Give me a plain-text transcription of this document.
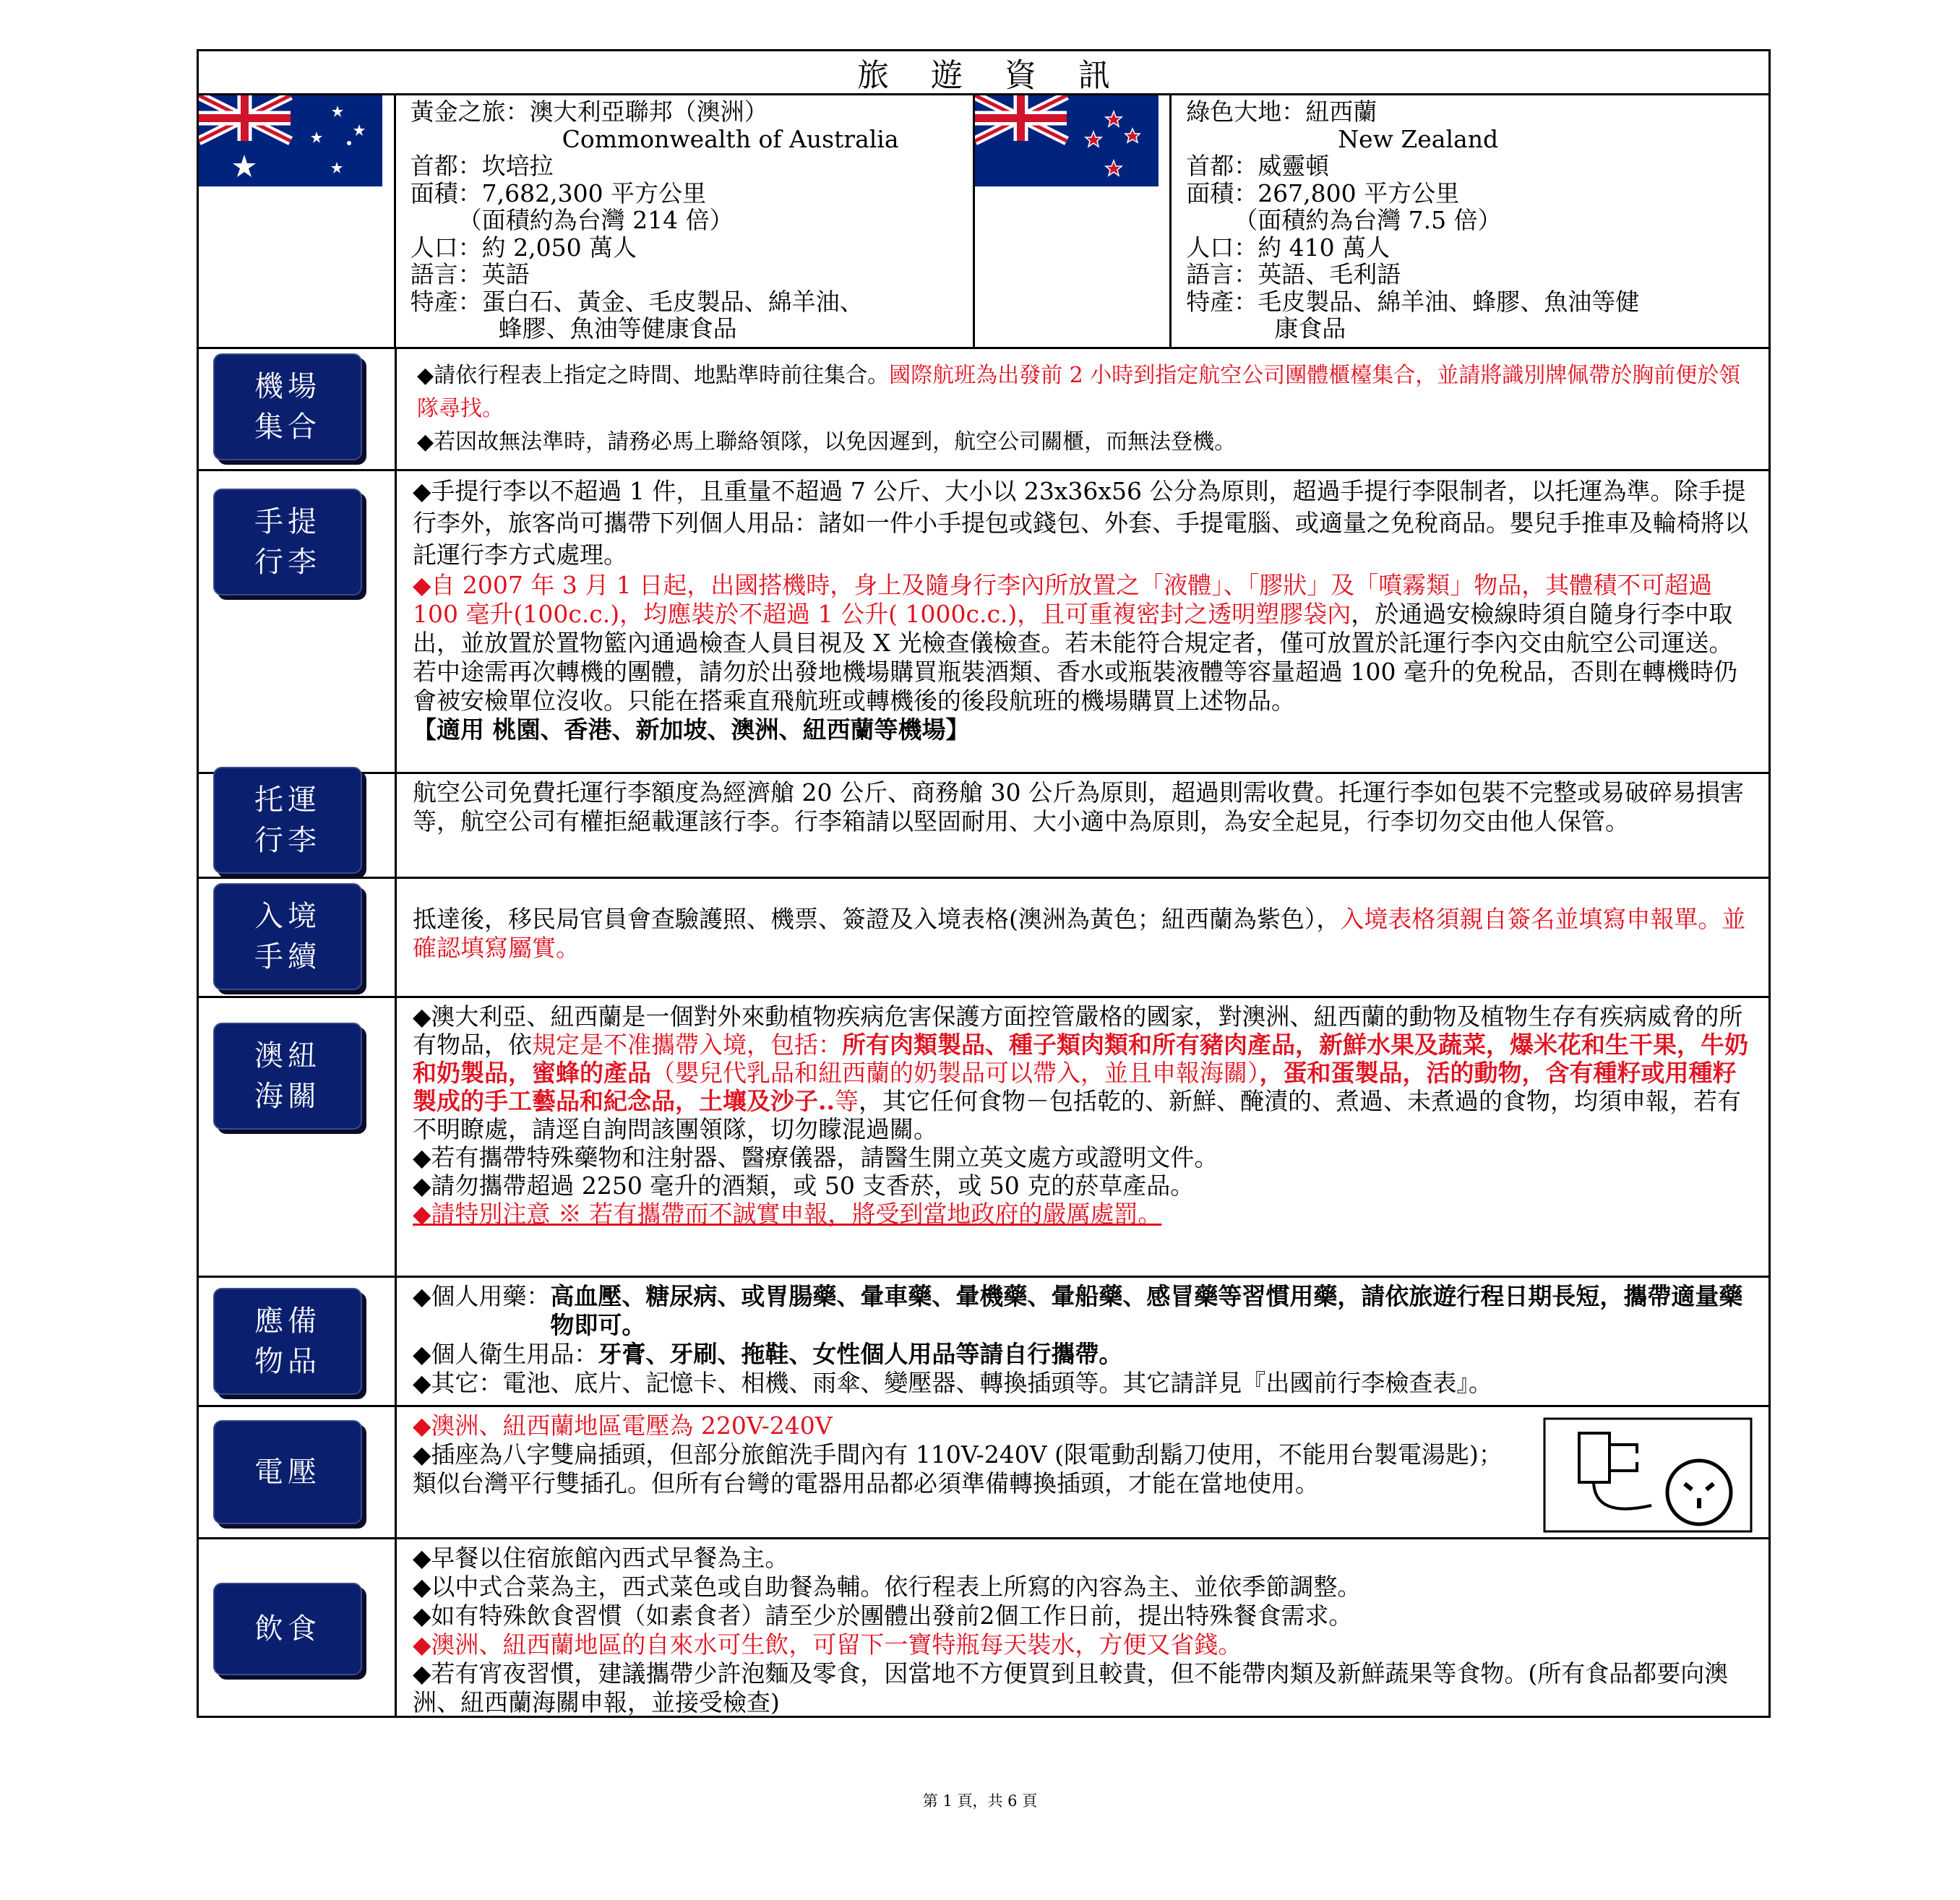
旅遊資訊
黃金之旅：澳大利亞聯邦（澳洲）
Commonwealth of Australia
首都：坎培拉
面積：7,682,300 平方公里
（面積約為台灣 214 倍）
人口：約 2,050 萬人
語言：英語
特產：蛋白石、黃金、毛皮製品、綿羊油、
蜂膠、魚油等健康食品
綠色大地：紐西蘭
New Zealand
首都：威靈頓
面積：267,800 平方公里
（面積約為台灣 7.5 倍）
人口：約 410 萬人
語言：英語、毛利語
特產：毛皮製品、綿羊油、蜂膠、魚油等健
康食品
機場集合
◆請依行程表上指定之時間、地點準時前往集合。國際航班為出發前 2 小時到指定航空公司團體櫃檯集合，並請將識別牌佩帶於胸前便於領隊尋找。
◆若因故無法準時，請務必馬上聯絡領隊，以免因遲到，航空公司關櫃，而無法登機。
手提行李
◆手提行李以不超過 1 件，且重量不超過 7 公斤、大小以 23x36x56 公分為原則，超過手提行李限制者，以托運為準。除手提行李外，旅客尚可攜帶下列個人用品：諸如一件小手提包或錢包、外套、手提電腦、或適量之免稅商品。嬰兒手推車及輪椅將以託運行李方式處理。
◆自 2007 年 3 月 1 日起，出國搭機時，身上及隨身行李內所放置之「液體」、「膠狀」及「噴霧類」物品，其體積不可超過 100 毫升(100c.c.)，均應裝於不超過 1 公升( 1000c.c.)，且可重複密封之透明塑膠袋內，於通過安檢線時須自隨身行李中取出，並放置於置物籃內通過檢查人員目視及 X 光檢查儀檢查。若未能符合規定者，僅可放置於託運行李內交由航空公司運送。若中途需再次轉機的團體，請勿於出發地機場購買瓶裝酒類、香水或瓶裝液體等容量超過 100 毫升的免稅品，否則在轉機時仍會被安檢單位沒收。只能在搭乘直飛航班或轉機後的後段航班的機場購買上述物品。
【適用 桃園、香港、新加坡、澳洲、紐西蘭等機場】
托運行李
航空公司免費托運行李額度為經濟艙 20 公斤、商務艙 30 公斤為原則，超過則需收費。托運行李如包裝不完整或易破碎易損害等，航空公司有權拒絕載運該行李。行李箱請以堅固耐用、大小適中為原則，為安全起見，行李切勿交由他人保管。
入境手續
抵達後，移民局官員會查驗護照、機票、簽證及入境表格(澳洲為黃色；紐西蘭為紫色），入境表格須親自簽名並填寫申報單。並確認填寫屬實。
澳紐海關
◆澳大利亞、紐西蘭是一個對外來動植物疾病危害保護方面控管嚴格的國家，對澳洲、紐西蘭的動物及植物生存有疾病威脅的所有物品，依規定是不准攜帶入境，包括：所有肉類製品、種子類肉類和所有豬肉產品，新鮮水果及蔬菜，爆米花和生干果，牛奶和奶製品，蜜蜂的產品（嬰兒代乳品和紐西蘭的奶製品可以帶入，並且申報海關），蛋和蛋製品，活的動物，含有種籽或用種籽製成的手工藝品和紀念品，土壤及沙子..等，其它任何食物－包括乾的、新鮮、醃漬的、煮過、未煮過的食物，均須申報，若有不明瞭處，請逕自詢問該團領隊，切勿矇混過關。
◆若有攜帶特殊藥物和注射器、醫療儀器，請醫生開立英文處方或證明文件。
◆請勿攜帶超過 2250 毫升的酒類，或 50 支香菸，或 50 克的菸草產品。
◆請特別注意 ※ 若有攜帶而不誠實申報，將受到當地政府的嚴厲處罰。
應備物品
◆個人用藥： 高血壓、糖尿病、或胃腸藥、暈車藥、暈機藥、暈船藥、感冒藥等習慣用藥，請依旅遊行程日期長短，攜帶適量藥物即可。
◆個人衛生用品：牙膏、牙刷、拖鞋、女性個人用品等請自行攜帶。
◆其它：電池、底片、記憶卡、相機、雨傘、變壓器、轉換插頭等。其它請詳見『出國前行李檢查表』。
電壓
◆澳洲、紐西蘭地區電壓為 220V-240V
◆插座為八字雙扁插頭，但部分旅館洗手間內有 110V-240V (限電動刮鬍刀使用，不能用台製電湯匙)；類似台灣平行雙插孔。但所有台彎的電器用品都必須準備轉換插頭，才能在當地使用。
飲食
◆早餐以住宿旅館內西式早餐為主。
◆以中式合菜為主，西式菜色或自助餐為輔。依行程表上所寫的內容為主、並依季節調整。
◆如有特殊飲食習慣（如素食者）請至少於團體出發前2個工作日前，提出特殊餐食需求。
◆澳洲、紐西蘭地區的自來水可生飲，可留下一寶特瓶每天裝水，方便又省錢。
◆若有宵夜習慣，建議攜帶少許泡麵及零食，因當地不方便買到且較貴，但不能帶肉類及新鮮蔬果等食物。(所有食品都要向澳洲、紐西蘭海關申報，並接受檢查)
第 1 頁，共 6 頁
